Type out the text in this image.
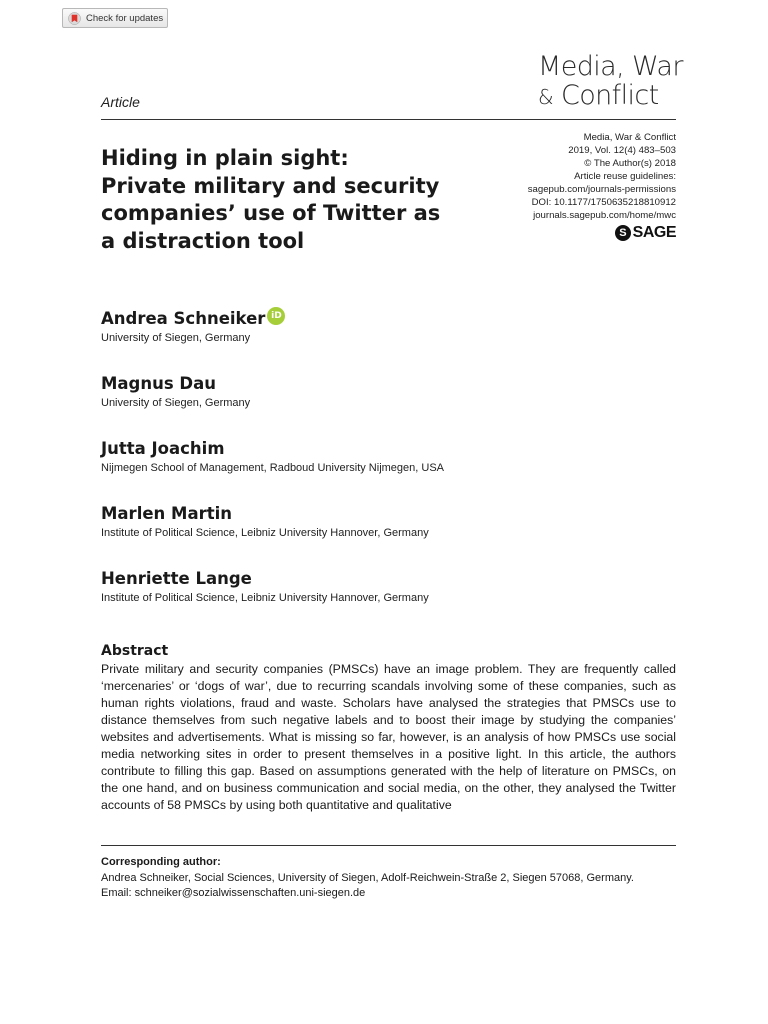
Check for updates
Media, War
& Conflict
Article
Hiding in plain sight:
Private military and security
companies’ use of Twitter as
a distraction tool
Media, War & Conflict
2019, Vol. 12(4) 483–503
© The Author(s) 2018
Article reuse guidelines:
sagepub.com/journals-permissions
DOI: 10.1177/1750635218810912
journals.sagepub.com/home/mwc
S SAGE
Andrea Schneiker iD
University of Siegen, Germany
Magnus Dau
University of Siegen, Germany
Jutta Joachim
Nijmegen School of Management, Radboud University Nijmegen, USA
Marlen Martin
Institute of Political Science, Leibniz University Hannover, Germany
Henriette Lange
Institute of Political Science, Leibniz University Hannover, Germany
Abstract

Private military and security companies (PMSCs) have an image problem. They are frequently called ‘mercenaries’ or ‘dogs of war’, due to recurring scandals involving some of these companies, such as human rights violations, fraud and waste. Scholars have analysed the strategies that PMSCs use to distance themselves from such negative labels and to boost their image by studying the companies’ websites and advertisements. What is missing so far, however, is an analysis of how PMSCs use social media networking sites in order to present themselves in a positive light. In this article, the authors contribute to filling this gap. Based on assumptions generated with the help of literature on PMSCs, on the one hand, and on business communication and social media, on the other, they analysed the Twitter accounts of 58 PMSCs by using both quantitative and qualitative

Corresponding author:
Andrea Schneiker, Social Sciences, University of Siegen, Adolf-Reichwein-Straße 2, Siegen 57068, Germany.
Email: schneiker@sozialwissenschaften.uni-siegen.de
